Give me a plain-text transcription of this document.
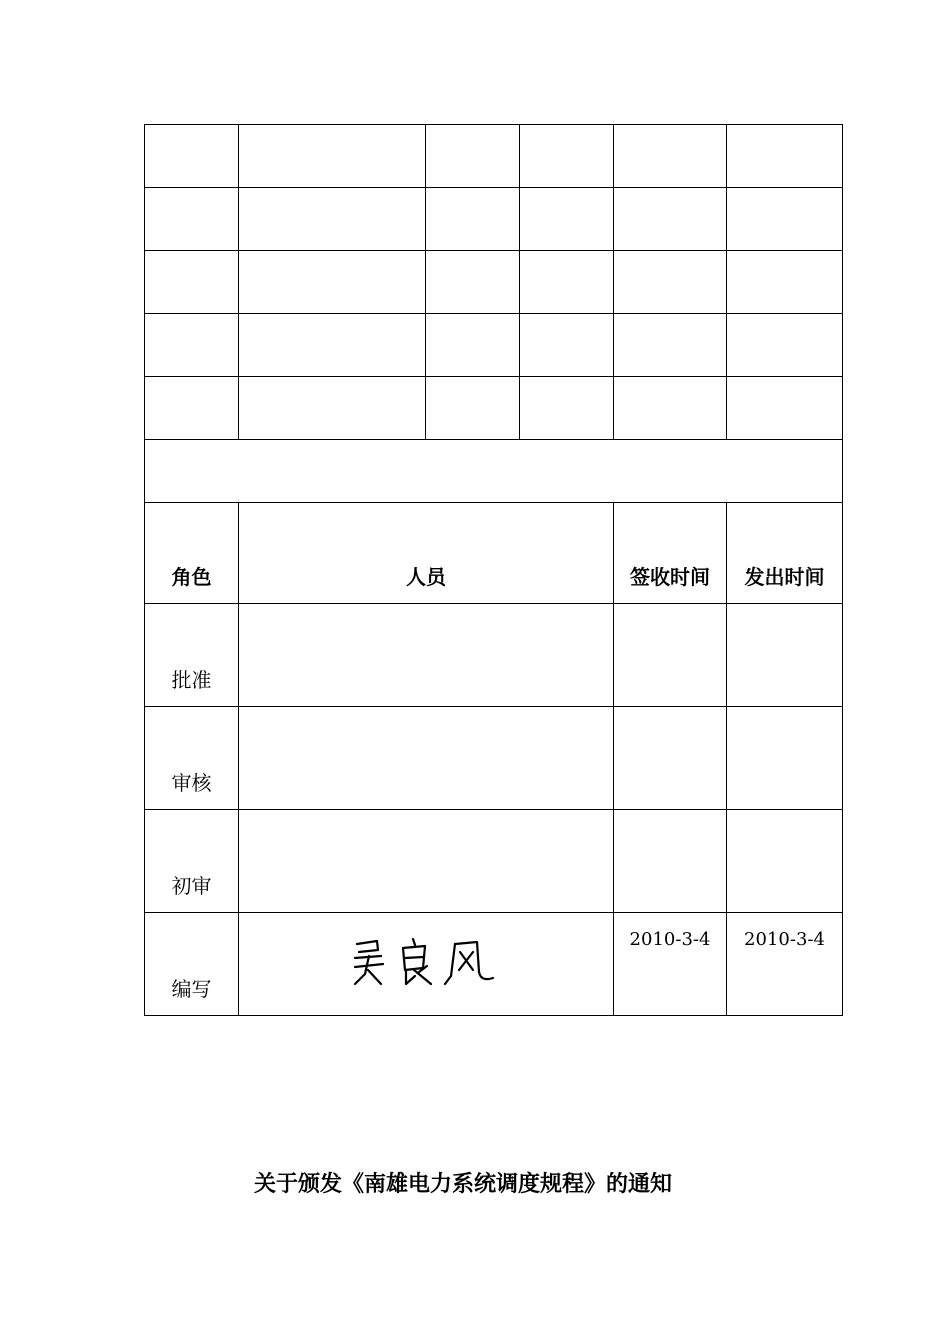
角色	人员			签收时间	发出时间
批准					
审核					
初审					
编写				2010-3-4	2010-3-4
关于颁发《南雄电力系统调度规程》的通知
